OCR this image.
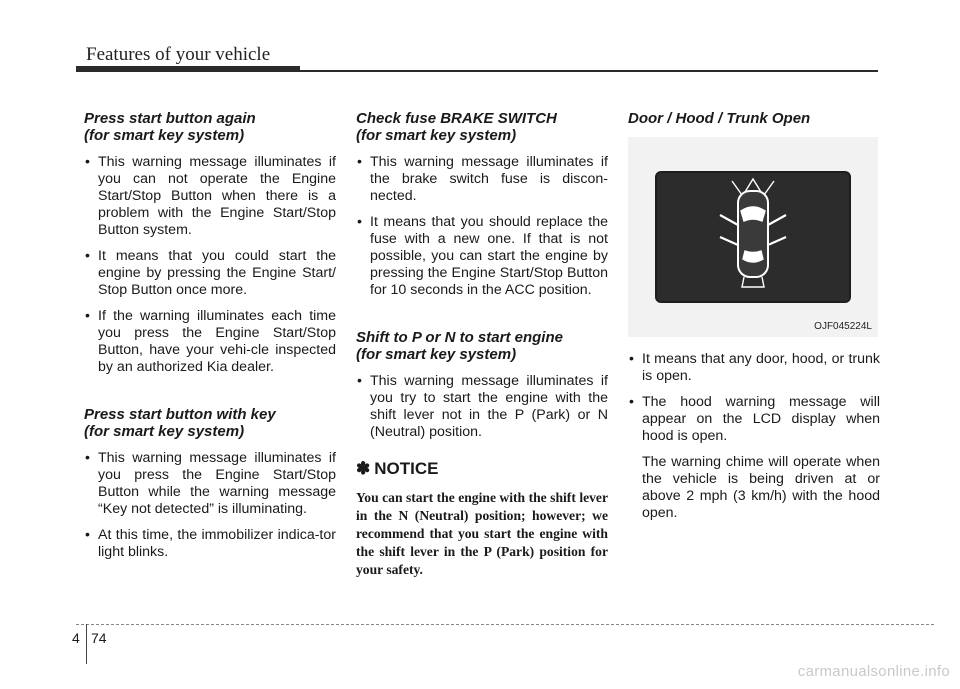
Features of your vehicle
Press start button again
(for smart key system)
• This warning message illuminates if you can not operate the Engine Start/Stop Button when there is a problem with the Engine Start/Stop Button system.
• It means that you could start the engine by pressing the Engine Start/ Stop Button once more.
• If the warning illuminates each time you press the Engine Start/Stop Button, have your vehi-cle inspected by an authorized Kia dealer.
Press start button with key
(for smart key system)
• This warning message illuminates if you press the Engine Start/Stop Button while the warning message “Key not detected” is illuminating.
• At this time, the immobilizer indica-tor light blinks.
Check fuse BRAKE SWITCH
(for smart key system)
• This warning message illuminates if the brake switch fuse is discon-nected.
• It means that you should replace the fuse with a new one. If that is not possible, you can start the engine by pressing the Engine Start/Stop Button for 10 seconds in the ACC position.
Shift to P or N to start engine
(for smart key system)
• This warning message illuminates if you try to start the engine with the shift lever not in the P (Park) or N (Neutral) position.
✽ NOTICE

You can start the engine with the shift lever in the N (Neutral) position; however; we recommend that you start the engine with the shift lever in the P (Park) position for your safety.

Door / Hood / Trunk Open
OJF045224L
• It means that any door, hood, or trunk is open.
• The hood warning message will appear on the LCD display when hood is open.

The warning chime will operate when the vehicle is being driven at or above 2 mph (3 km/h) with the hood open.

4 74
carmanualsonline.info
